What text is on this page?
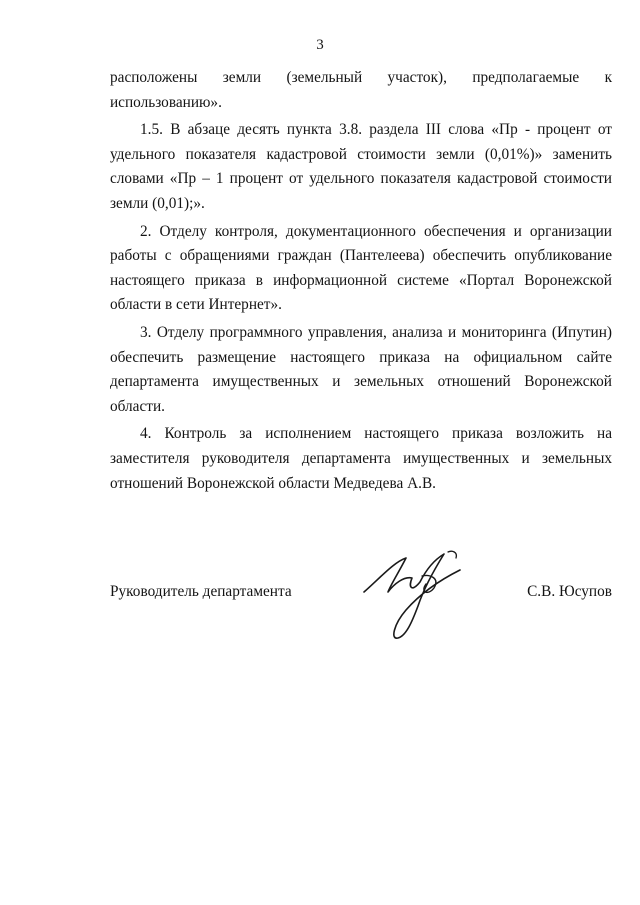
3

расположены земли (земельный участок), предполагаемые к использованию».

1.5. В абзаце десять пункта 3.8. раздела III слова «Пр - процент от удельного показателя кадастровой стоимости земли (0,01%)» заменить словами «Пр – 1 процент от удельного показателя кадастровой стоимости земли (0,01);».

2. Отделу контроля, документационного обеспечения и организации работы с обращениями граждан (Пантелеева) обеспечить опубликование настоящего приказа в информационной системе «Портал Воронежской области в сети Интернет».

3. Отделу программного управления, анализа и мониторинга (Ипутин) обеспечить размещение настоящего приказа на официальном сайте департамента имущественных и земельных отношений Воронежской области.

4. Контроль за исполнением настоящего приказа возложить на заместителя руководителя департамента имущественных и земельных отношений Воронежской области Медведева А.В.

Руководитель департамента	С.В. Юсупов
